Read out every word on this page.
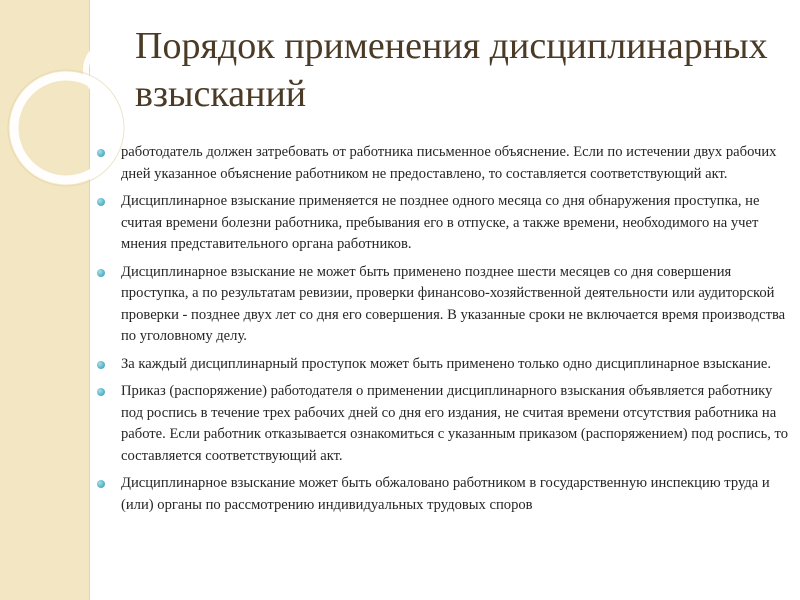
Порядок применения дисциплинарных взысканий
работодатель должен затребовать от работника письменное объяснение. Если по истечении двух рабочих дней указанное объяснение работником не предоставлено, то составляется соответствующий акт.
Дисциплинарное взыскание применяется не позднее одного месяца со дня обнаружения проступка, не считая времени болезни работника, пребывания его в отпуске, а также времени, необходимого на учет мнения представительного органа работников.
Дисциплинарное взыскание не может быть применено позднее шести месяцев со дня совершения проступка, а по результатам ревизии, проверки финансово-хозяйственной деятельности или аудиторской проверки - позднее двух лет со дня его совершения. В указанные сроки не включается время производства по уголовному делу.
За каждый дисциплинарный проступок может быть применено только одно дисциплинарное взыскание.
Приказ (распоряжение) работодателя о применении дисциплинарного взыскания объявляется работнику под роспись в течение трех рабочих дней со дня его издания, не считая времени отсутствия работника на работе. Если работник отказывается ознакомиться с указанным приказом (распоряжением) под роспись, то составляется соответствующий акт.
Дисциплинарное взыскание может быть обжаловано работником в государственную инспекцию труда и (или) органы по рассмотрению индивидуальных трудовых споров
